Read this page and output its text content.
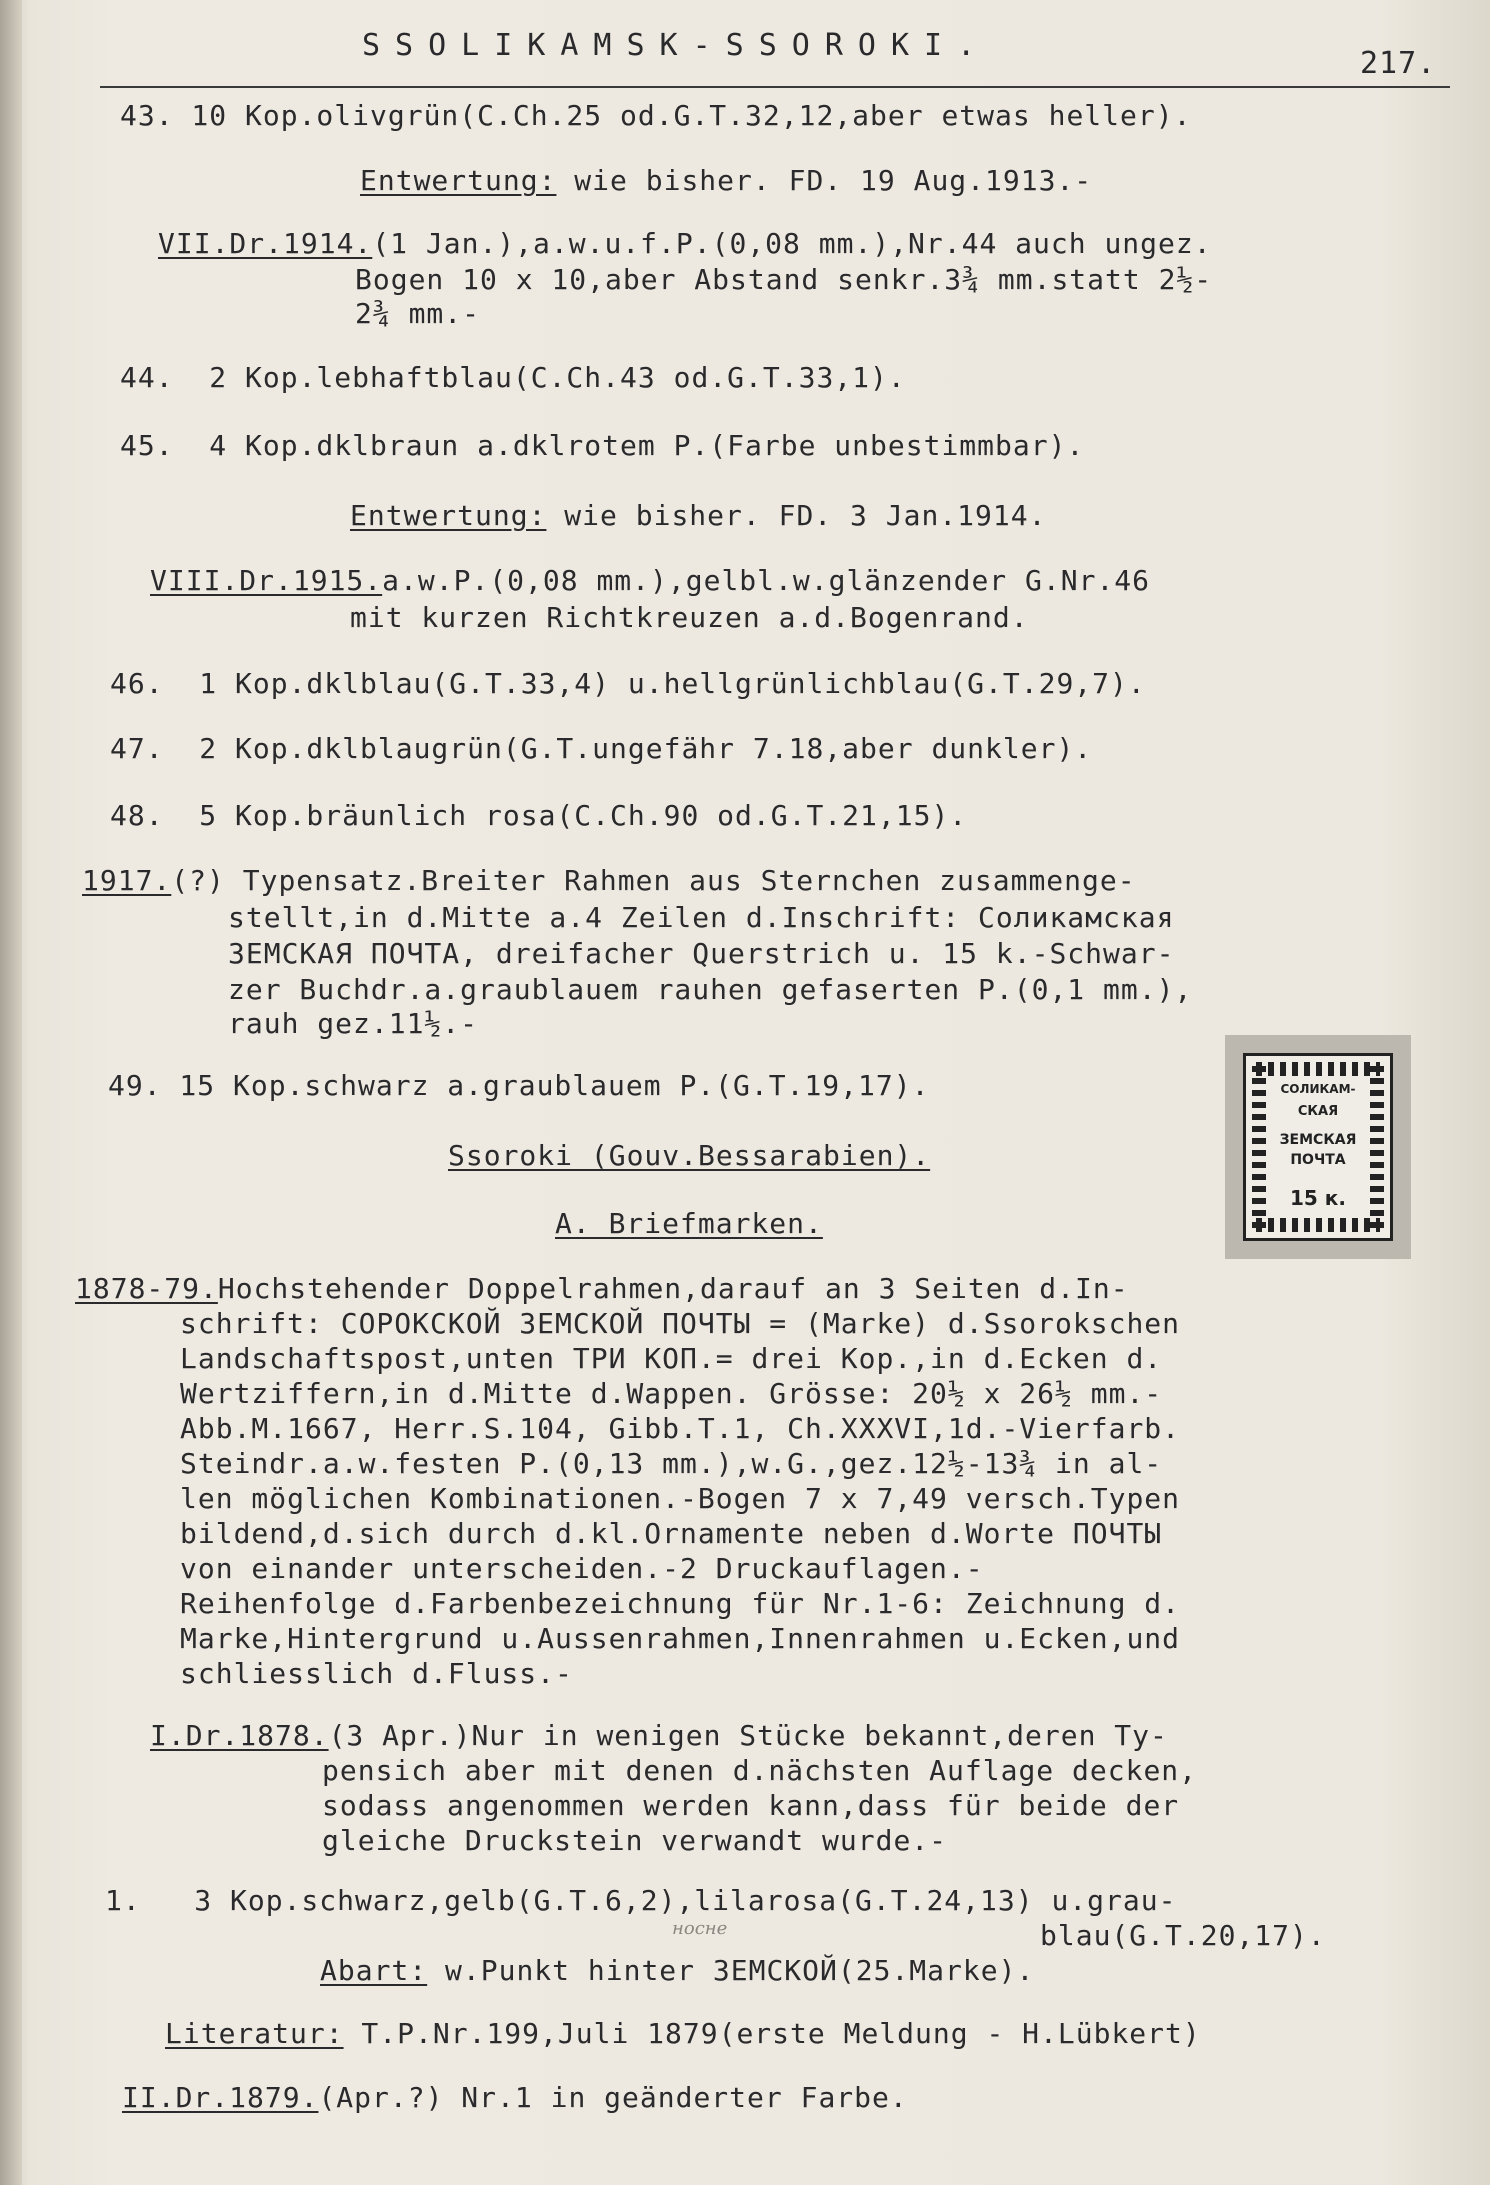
SSOLIKAMSK-SSOROKI.
217.
43. 10 Kop.olivgrün(C.Ch.25 od.G.T.32,12,aber etwas heller).
Entwertung: wie bisher. FD. 19 Aug.1913.-
VII.Dr.1914.(1 Jan.),a.w.u.f.P.(0,08 mm.),Nr.44 auch ungez.
Bogen 10 x 10,aber Abstand senkr.3¾ mm.statt 2½-
2¾ mm.-
44.  2 Kop.lebhaftblau(C.Ch.43 od.G.T.33,1).
45.  4 Kop.dklbraun a.dklrotem P.(Farbe unbestimmbar).
Entwertung: wie bisher. FD. 3 Jan.1914.
VIII.Dr.1915.a.w.P.(0,08 mm.),gelbl.w.glänzender G.Nr.46
mit kurzen Richtkreuzen a.d.Bogenrand.
46.  1 Kop.dklblau(G.T.33,4) u.hellgrünlichblau(G.T.29,7).
47.  2 Kop.dklblaugrün(G.T.ungefähr 7.18,aber dunkler).
48.  5 Kop.bräunlich rosa(C.Ch.90 od.G.T.21,15).
1917.(?) Typensatz.Breiter Rahmen aus Sternchen zusammenge-
stellt,in d.Mitte a.4 Zeilen d.Inschrift: Соликамская
ЗЕМСКАЯ ПОЧТА, dreifacher Querstrich u. 15 k.-Schwar-
zer Buchdr.a.graublauem rauhen gefaserten P.(0,1 mm.),
rauh gez.11½.-
49. 15 Kop.schwarz a.graublauem P.(G.T.19,17).
Ssoroki (Gouv.Bessarabien).
A. Briefmarken.
1878-79.Hochstehender Doppelrahmen,darauf an 3 Seiten d.In-
schrift: СОРОКСКОЙ ЗЕМСКОЙ ПОЧТЫ = (Marke) d.Ssorokschen
Landschaftspost,unten ТРИ КОП.= drei Kop.,in d.Ecken d.
Wertziffern,in d.Mitte d.Wappen. Grösse: 20½ x 26½ mm.-
Abb.M.1667, Herr.S.104, Gibb.T.1, Ch.XXXVI,1d.-Vierfarb.
Steindr.a.w.festen P.(0,13 mm.),w.G.,gez.12½-13¾ in al-
len möglichen Kombinationen.-Bogen 7 x 7,49 versch.Typen
bildend,d.sich durch d.kl.Ornamente neben d.Worte ПОЧТЫ
von einander unterscheiden.-2 Druckauflagen.-
Reihenfolge d.Farbenbezeichnung für Nr.1-6: Zeichnung d.
Marke,Hintergrund u.Aussenrahmen,Innenrahmen u.Ecken,und
schliesslich d.Fluss.-
I.Dr.1878.(3 Apr.)Nur in wenigen Stücke bekannt,deren Ty-
pensich aber mit denen d.nächsten Auflage decken,
sodass angenommen werden kann,dass für beide der
gleiche Druckstein verwandt wurde.-
1.   3 Kop.schwarz,gelb(G.T.6,2),lilarosa(G.T.24,13) u.grau-
blau(G.T.20,17).
носне
Abart: w.Punkt hinter ЗЕМСКОЙ(25.Marke).
Literatur: T.P.Nr.199,Juli 1879(erste Meldung - H.Lübkert)
II.Dr.1879.(Apr.?) Nr.1 in geänderter Farbe.
СОЛИКАМ-
СКАЯ
ЗЕМСКАЯ
ПОЧТА
15 к.
